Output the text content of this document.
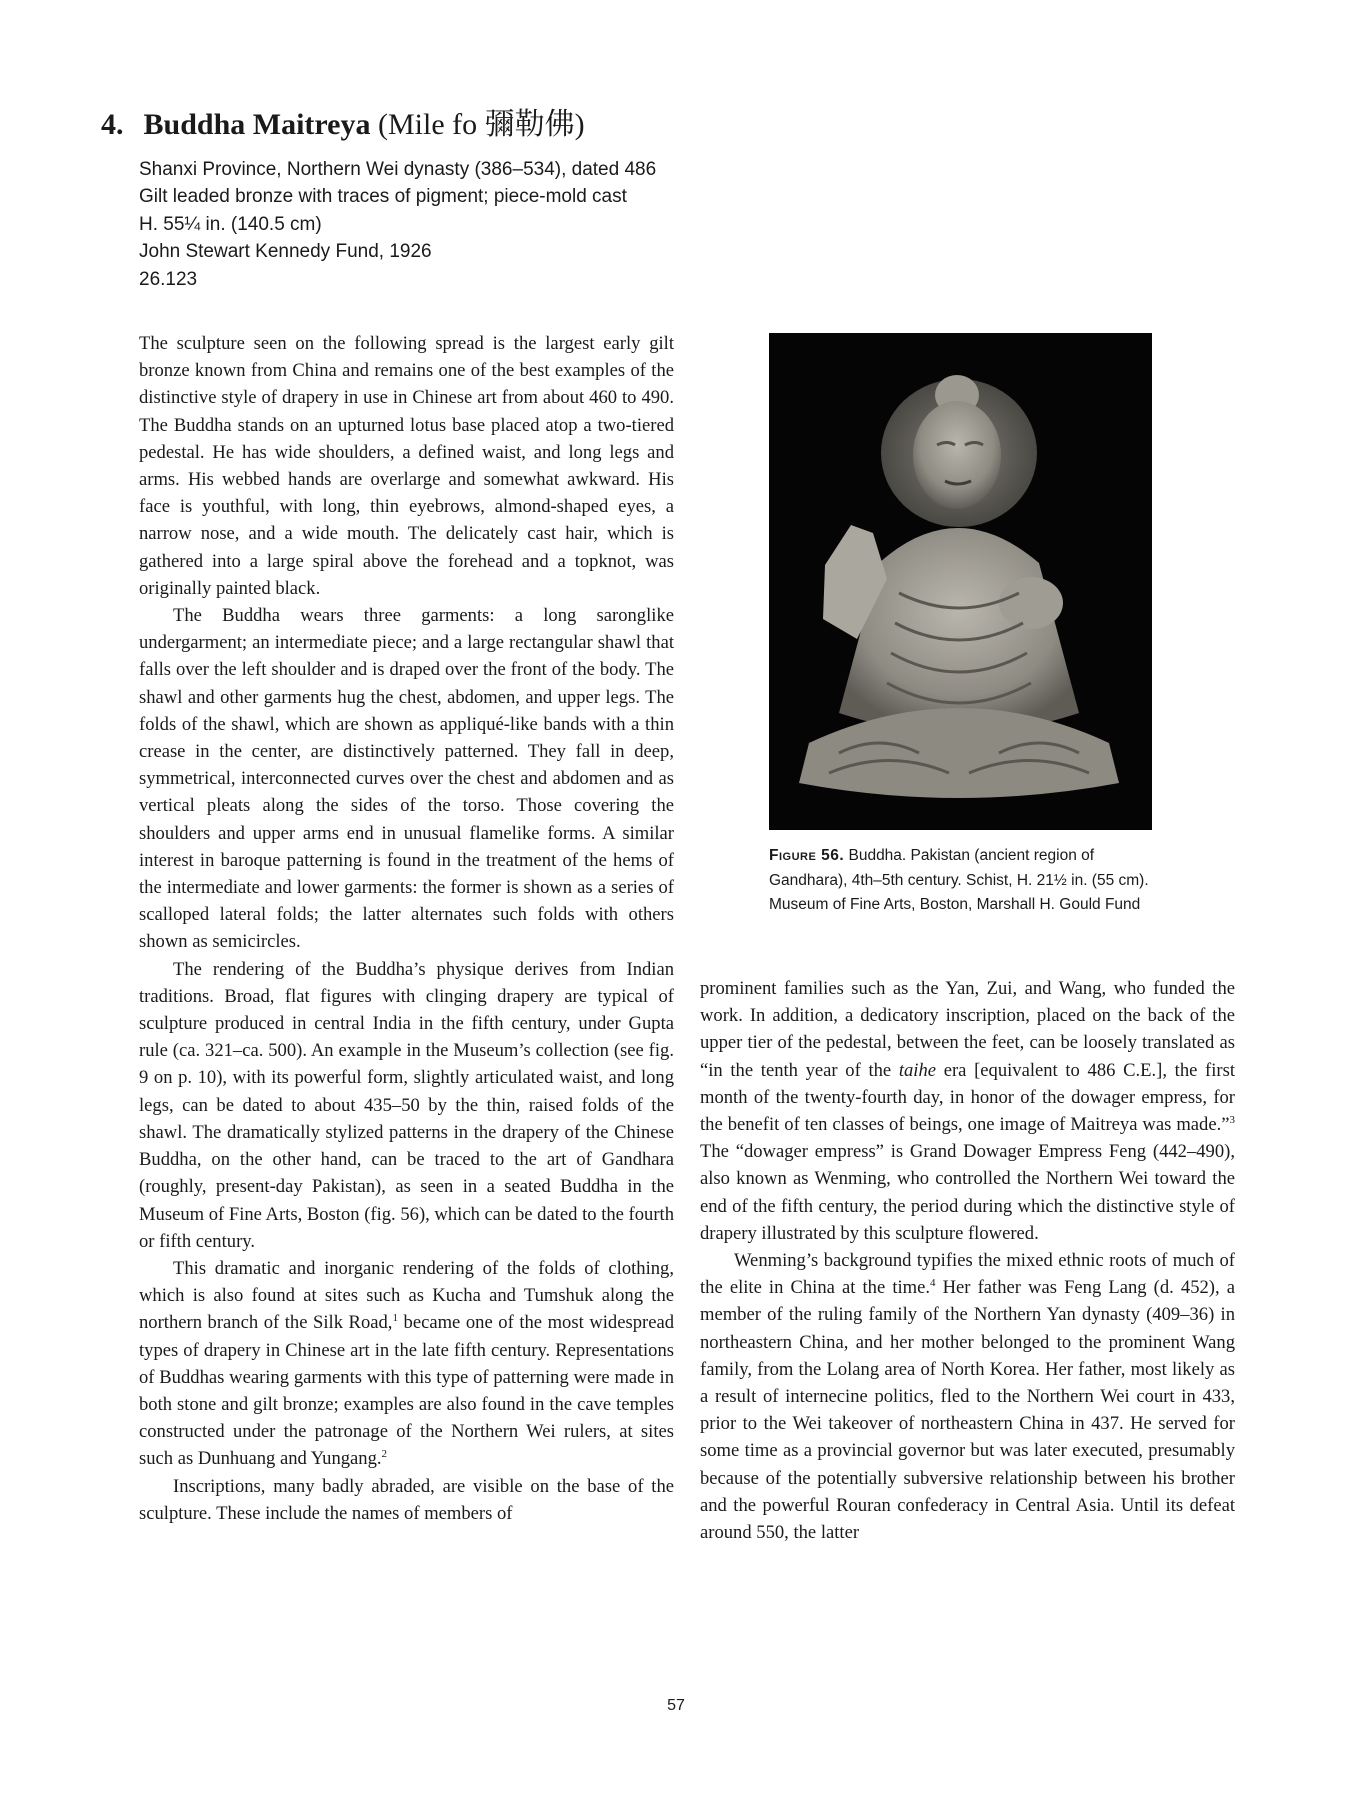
4. Buddha Maitreya (Mile fo 彌勒佛)
Shanxi Province, Northern Wei dynasty (386–534), dated 486
Gilt leaded bronze with traces of pigment; piece-mold cast
H. 55¼ in. (140.5 cm)
John Stewart Kennedy Fund, 1926
26.123

The sculpture seen on the following spread is the largest early gilt bronze known from China and remains one of the best examples of the distinctive style of drapery in use in Chinese art from about 460 to 490. The Buddha stands on an upturned lotus base placed atop a two-tiered pedestal. He has wide shoulders, a defined waist, and long legs and arms. His webbed hands are overlarge and somewhat awkward. His face is youthful, with long, thin eyebrows, almond-shaped eyes, a narrow nose, and a wide mouth. The delicately cast hair, which is gathered into a large spiral above the forehead and a topknot, was originally painted black.

The Buddha wears three garments: a long saronglike undergarment; an intermediate piece; and a large rectangular shawl that falls over the left shoulder and is draped over the front of the body. The shawl and other garments hug the chest, abdomen, and upper legs. The folds of the shawl, which are shown as appliqué-like bands with a thin crease in the center, are distinctively patterned. They fall in deep, symmetrical, interconnected curves over the chest and abdomen and as vertical pleats along the sides of the torso. Those covering the shoulders and upper arms end in unusual flamelike forms. A similar interest in baroque patterning is found in the treatment of the hems of the intermediate and lower garments: the former is shown as a series of scalloped lateral folds; the latter alternates such folds with others shown as semicircles.

The rendering of the Buddha’s physique derives from Indian traditions. Broad, flat figures with clinging drapery are typical of sculpture produced in central India in the fifth century, under Gupta rule (ca. 321–ca. 500). An example in the Museum’s collection (see fig. 9 on p. 10), with its powerful form, slightly articulated waist, and long legs, can be dated to about 435–50 by the thin, raised folds of the shawl. The dramatically stylized patterns in the drapery of the Chinese Buddha, on the other hand, can be traced to the art of Gandhara (roughly, present-day Pakistan), as seen in a seated Buddha in the Museum of Fine Arts, Boston (fig. 56), which can be dated to the fourth or fifth century.

This dramatic and inorganic rendering of the folds of clothing, which is also found at sites such as Kucha and Tumshuk along the northern branch of the Silk Road,$^1$ became one of the most widespread types of drapery in Chinese art in the late fifth century. Representations of Buddhas wearing garments with this type of patterning were made in both stone and gilt bronze; examples are also found in the cave temples constructed under the patronage of the Northern Wei rulers, at sites such as Dunhuang and Yungang.$^2$

Inscriptions, many badly abraded, are visible on the base of the sculpture. These include the names of members of

Figure 56. Buddha. Pakistan (ancient region of Gandhara), 4th–5th century. Schist, H. 21½ in. (55 cm). Museum of Fine Arts, Boston, Marshall H. Gould Fund

prominent families such as the Yan, Zui, and Wang, who funded the work. In addition, a dedicatory inscription, placed on the back of the upper tier of the pedestal, between the feet, can be loosely translated as “in the tenth year of the taihe era [equivalent to 486 C.E.], the first month of the twenty-fourth day, in honor of the dowager empress, for the benefit of ten classes of beings, one image of Maitreya was made.”$^3$ The “dowager empress” is Grand Dowager Empress Feng (442–490), also known as Wenming, who controlled the Northern Wei toward the end of the fifth century, the period during which the distinctive style of drapery illustrated by this sculpture flowered.

Wenming’s background typifies the mixed ethnic roots of much of the elite in China at the time.$^4$ Her father was Feng Lang (d. 452), a member of the ruling family of the Northern Yan dynasty (409–36) in northeastern China, and her mother belonged to the prominent Wang family, from the Lolang area of North Korea. Her father, most likely as a result of internecine politics, fled to the Northern Wei court in 433, prior to the Wei takeover of northeastern China in 437. He served for some time as a provincial governor but was later executed, presumably because of the potentially subversive relationship between his brother and the powerful Rouran confederacy in Central Asia. Until its defeat around 550, the latter

57
